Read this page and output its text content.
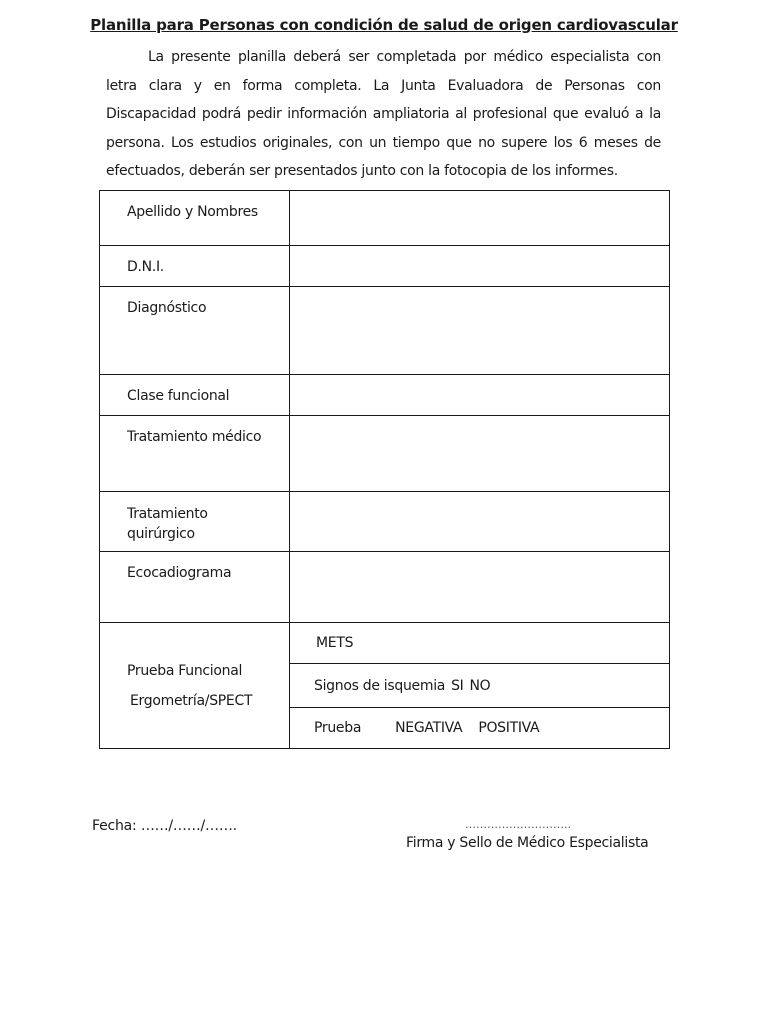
Planilla para Personas con condición de salud de origen cardiovascular
La presente planilla deberá ser completada por médico especialista con letra clara y en forma completa. La Junta Evaluadora de Personas con Discapacidad podrá pedir información ampliatoria al profesional que evaluó a la persona. Los estudios originales, con un tiempo que no supere los 6 meses de efectuados, deberán ser presentados junto con la fotocopia de los informes.
Apellido y Nombres	
D.N.I.	
Diagnóstico	
Clase funcional	
Tratamiento médico	

Tratamiento
quirúrgico	

Ecocadiograma	

Prueba Funcional
Ergometría/SPECT	METS
	Signos de isquemia SI NO
	Prueba NEGATIVA POSITIVA
Fecha: ……/……/…….	………………………..
Firma y Sello de Médico Especialista
